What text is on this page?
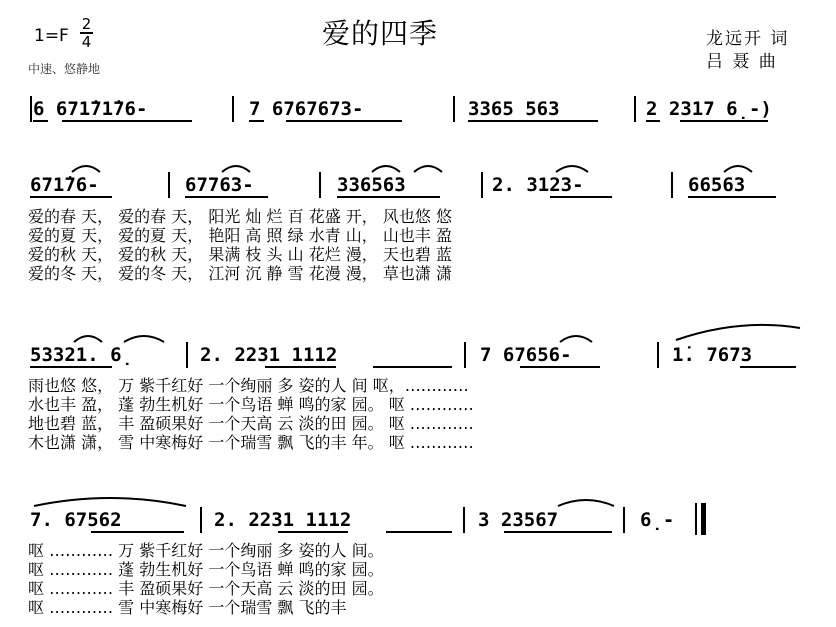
爱的四季
1=F
2
4
中速、悠静地
龙远开 词
吕 聂 曲
6 671̇71̇76-	7 6767673-	3365 563	2 2317 6̣-)
671̇76-	67763-	336563	2. 3123-	66563
爱的春 天， 爱的春 天， 阳光 灿 烂 百 花盛 开， 风也悠 悠
爱的夏 天， 爱的夏 天， 艳阳 高 照 绿 水青 山， 山也丰 盈
爱的秋 天， 爱的秋 天， 果满 枝 头 山 花烂 漫， 天也碧 蓝
爱的冬 天， 爱的冬 天， 江河 沉 静 雪 花漫 漫， 草也潇 潇
53321. 6̣	2. 2231 1112	7 67656-	1̇. 7673
雨也悠 悠， 万 紫千红好 一个绚丽 多 姿的人 间 呕，…………
水也丰 盈， 蓬 勃生机好 一个鸟语 蝉 鸣的家 园。 呕 …………
地也碧 蓝， 丰 盈硕果好 一个天高 云 淡的田 园。 呕 …………
木也潇 潇， 雪 中寒梅好 一个瑞雪 飘 飞的丰 年。 呕 …………
7. 67562	2. 2231 1112	3 23567	6̣-
呕 ………… 万 紫千红好 一个绚丽 多 姿的人 间。
呕 ………… 蓬 勃生机好 一个鸟语 蝉 鸣的家 园。
呕 ………… 丰 盈硕果好 一个天高 云 淡的田 园。
呕 ………… 雪 中寒梅好 一个瑞雪 飘 飞的丰
